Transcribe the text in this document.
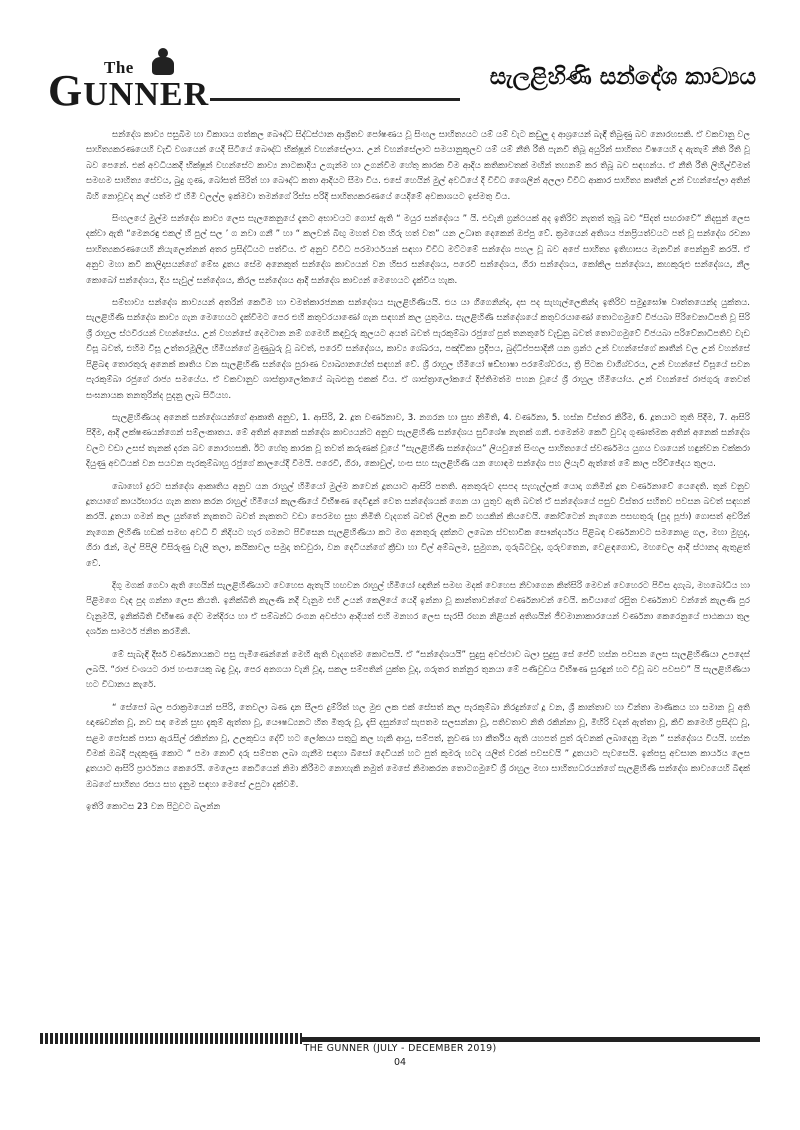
The
GUNNER	සැලළිහිණි සන්දේශ කාව්‍යය

සන්දේශ කාව්‍ය පසුබිම හා විකාශය ගත්කල බෞද්ධ සිද්ධස්ථාන ආශ්‍රිතව පෝෂණය වූ සිංහල සාහිත්‍යයට යම් යම් වැට කඩුලු ද ආශ්‍රයෙන් බැඳී තිබුණු බව නොරහසකි. ඒ වකවානු වල සාහිත්‍යකරණයෙහි වැඩි වශයෙන් යෙදී සිටියේ බෞද්ධ භික්ෂූන් වහන්සේලාය. උන් වහන්සේලාට සමයානුකූලව යම් යම් නීති රීති පැනවී තිබූ අයුරින් සාහිත්‍ය විෂයෙහි ද ඇතැම් නීති රීති වූ බව පෙනේ. එක් අවධියකදී භික්ෂූන් වහන්සේට කාව්‍ය නාටකාදිය උගැන්ම හා උගන්වීම හේතු කාරක වීම ආදිය කතිකාවතක් මඟින් තහනම් කර තිබූ බව සඳහන්ය. ඒ නීති රීති ලිහිල්වීමත් සමඟම සාහිත්‍ය සේවය, බුදු ගුණ, බෝසත් සිරිත් හා බෞද්ධ කතා ආදියට සීමා විය. එසේ හෙයින් මුල් අවධියේ දී විවිධ ශෛලීන් අලලා විවිධ ආකාර සාහිත්‍ය කෘතීන් උන් වහන්සේලා අතින් බිහි නොවූවද කල් යත්ම ඒ හිමි වලල්ල ඉක්මවා තමන්ගේ රිස්ස පරිදි සාහිත්‍යකරණයේ යෙදීමේ අවකාශයට ඉස්මතු විය.

සිංහලයේ මුල්ම සන්දේශ කාව්‍ය ලෙස සැලකෙනුයේ දැනට අභාවයට ගොස් ඇති “ මයුර සන්දේශය ” යි. එවැනි ග්‍රන්ථයක් අද ඉතිරිව නැතත් තුබූ බව “සිදත් සඟරාවේ” නිදසුන් ලෙස දක්වා ඇති “මෙනරඳු එකල් හි පුල් සල ’ ග නවා ගනී ” හා “ කලවන් බිඟු මහත් වත හිරු හත් වත” යන උධෘත දෙකෙන් ඔප්පු වේ. ක්‍රමයෙන් අතිශය ජනප්‍රියත්වයට පත් වූ සන්දේශ රචනා සාහිත්‍යකරණයෙහි නියැලෙන්නන් අතර ප්‍රසිද්ධියට පත්විය. ඒ අනුව විවිධ පරමාර්ථයන් සඳහා විවිධ මට්ටමේ සන්දේශ පහල වූ බව අපේ සාහිත්‍ය ඉතිහාසය මැනවින් පෙන්නුම් කරයි. ඒ අනුව මහා කවි කාලිදාසයන්ගේ මේඝ දූතය සේම අනෙකුත් සන්දේශ කාව්‍යයන් වන හිසර සන්දේශය, පරෙවි සන්දේශය, ගිරා සන්දේශය, කෝකිල සන්දේශය, කහකුරුළු සන්දේශය, නීල කොබෝ සන්දේශය, දිය සැවුල් සන්දේශය, කිරල සන්දේශය ආදී සන්දේශ කාව්‍යන් මෙහෙයට දැක්විය හැක.

සම්භාව්‍ය සන්දේශ කාව්‍යයන් අතරින් කෙටිම හා චමත්කාරජනක සන්දේශය සැලළිහිණියයි. එය යා ගීගෙනින්ද, දස පද සැහැල්ලෙකින්ද ඉතිරිව සමුදුඝෝෂ වෘත්තයෙන්ද යුක්තය. සැලළිහිණි සන්දේශ කාව්‍ය ගැන මෙහෙයට දැක්වීමට පෙර එහි කතුවරයාණෝ ගැන සඳහන් කල යුතුමය. සැලළිහිණි සන්දේශයේ කතුවරයාණෝ තොටගමුවේ විජයබා පිරිවෙනාධිපති වූ සිරි ශ්‍රී රාහුල ස්ථවිරයන් වහන්සේය. උන් වහන්සේ දෙමටාන නම් ගමෙහි කඳවුරු කුලයට අයත් බවත් පැරකුම්බා රජුගේ පුත් තනතුරේ වැඩුනු බවත් තොටගමුවේ විජයබා පරිවේනාධිපතිව වැඩ විසූ බවත්, එහිම වීසූ උත්තරමූලිල හිමියන්ගේ මුණුබුරු වූ බවත්, පරෙවි සන්දේශය, කාව්‍ය ශේඛරය, පඤ්චිකා ප්‍රදීපය, බුද්ධිප්පසාදිනී යන ග්‍රන්ථ උන් වහන්සේගේ කෘතීන් වල උන් වහන්සේ පිළිබඳ තොරතුරු අනෙක් කෘතිය වන සැලළිහිණි සන්දේශ පුරාණ ව්‍යාඛ්‍යානයේත් සඳහන් වේ. ශ්‍රී රාහුල හිමියෝ ෂඩ්භාෂා පරමේශ්වරය, ත්‍රි පිටක වාගීශ්වරය, උන් වහන්සේ විසූයේ සවන පැරකුම්බා රජුගේ රාජ්‍ය සමයේය. ඒ වකවානුව ශාස්ත්‍රාලෝකයේ බැබළුනු එකක් විය. ඒ ශාස්ත්‍රාලෝකයේ දීප්තිමත්ම පහන වූයේ ශ්‍රී රාහුල හිමියෝය. උන් වහන්සේ රාජගුරු තෙවත් සංඝනායක තනතුරින්ද පුදනු ලැබ සිටියහ.

සැලළිහිණියද අනෙක් සන්දේශයන්ගේ ආකෘති අනුව, 1. ආසිරි, 2. දූත වර්ණනාව, 3. නගරන හා සුභ නිමිති, 4. වර්ණනා, 5. හස්න විස්තර කිරීම, 6. දූතයාට තුති පිදීම, 7. ආසිරි පිදීම, ආදී ලක්ෂණයන්ගෙන් සම්ලංකෘතය. මේ අතින් අනෙක් සන්දේශ කාව්‍යයන්ට අනුව සැලළිහිණි සන්දේශය සුවිශේෂ නැතක් ගනී. එමෙන්ම කෙටි වුවද ගුණාත්මක අතින් අනෙක් සන්දේශ වලට වඩා උසස් තැනක් දරන බව නොරහසකි. ඊට හේතු කාරක වූ තවත් කරුණක් වූයේ “සැලළිහිණි සන්දේශය” ලියවුනේ සිංහල සාහිත්‍යයේ ස්වර්ණමය යුගය වශයෙන් හඳුන්වන චක්කරා දියුණු අවධියක් වන සයවන පැරකුම්බාහු රජුගේ කාලයේදී වීමයි. පරෙවි, ගිරා, කොවුල්, හංස සහ සැලළිහිණි යන හොඳම සන්දේශ පහ ලියැවී ඇත්තේ මේ කාල පරිච්ඡේදය තුලය.

බොහෝ දුරට සන්දේශ ආකෘතිය අනුව යන රාහුල් හිමියෝ මුල්ම කවෙන් දූතයාට ආසිරි පතති. අනතුරුව දසපද සැහැල්ලක් යොදා ගනිමින් දූත වර්ණනාවේ යෙදෙති. තුන් වනුව දූතයාගේ කාර්යභාරය ගැන කතා කරන රාහුල් හිමියෝ කැලණියේ විභීෂණ දෙවිඳුන් වෙත සන්දේශයක් ගෙන යා යුතුව ඇති බවත් ඒ සන්දේශයේ පසුව විස්තර සහිතව පවසන බවත් සඳහන් කරයි. දූතයා ගමන් කල යුත්තේ නැකතට බවත් නැකතට වඩා පෙරමඟ සුභ නිමිති වැදගත් බවත් ලිලක කවි හයකින් කියවෙයි. කෝට්ටෙන් නැගෙන පසඟතුරු (පුද පූජා) ගොසත් අවරින් නැගෙන ලිහිණි හඩක් සමඟ අවධි වී නිදියට හැර ගමනට පිවිසෙන සැලළිහිණියා කට මග අනතුරු දක්නට ලබෙන ස්වභාවික සෞන්දර්යය පිළිබඳ වර්ණනාවට සමනොළ ගල, මහා මුහුද, ගිරා රෑන්, මල් පිපිලි විසිරුණු වැලි තලා, කයිකාවල සමුදා තඩවුරා, වන දෙවියන්ගේ ක්‍රීඩා හා විල් අම්බලම, සුමුගන, ගුරුබිටවුද, ගුරුවතෙන, වෙළඳගොඩ, මහවෙල ආදී ස්ථානද ඇතුළත් වේ.

දිගු මගක් ගෙවා ඇති හෙයින් සැලළිහිණියාට වෙහෙස ඇතැයි හඟවන රාහුල් හිමියෝ ඥාතින් සමඟ මදක් වෙහෙස නිවාගෙන කිත්සිරි මෙවන් වෙහෙරට පිවිස දාගැබ, මහබෝධිය හා පිළිමගෙ වැඳ පුද ගන්නා ලෙස කියති. ඉනික්බිති කැලණි නදී වැනුම එහි උයන් කෙලියේ යෙදී ඉන්නා වූ කාන්තාවන්ගේ වර්ණනාවන් වෙයි. කවියාගේ රසිුත වර්ණනාව වන්නේ කැලණි පුර වැනුමයි, ඉනික්බිති විභීෂණ දේව මන්දිරය හා ඒ සම්බන්ධ රංගන අවස්ථා ආදියත් එහි මනහර ලෙස සැරසී රඟන නිළියන් අතිශයින් ජීවමානාකාරයෙන් වර්ණනා කෙරෙනුයේ පාඨකයා තුල දර්ශන සාමර්ථ ජනිත කරමිනි.

මේ සැබැඳි දීර්ඝ වර්ණනායකට පසු පැමිණෙන්නේ මෙහි ඇති වැදගත්ම කොටසයි. ඒ “සන්දේශයයි” සුදුසු අවස්ථාව බලා සුදුසු සේ පේවී හස්න පවසන ලෙස සැලළිහිණියා උපදෙස් ලබයි. “රාජ වංශයට රාජ හංසයෙකු බඳු වූද, පෙර අනගයා වැනි වූද, සකල සම්පතින් යුක්ත වූද, ගරුතර තන්නුර තුනයා මේ පණිවුඩය විභීෂණ සුරඳුන් හට චිවූ බව පවසව” යි සැලළිහිණියා හට විධානය කැරේ.

“ සේපෝ බල පරාක්‍රමයෙන් සපිරි, තෙවලා බණ දාන සීලළු දුම්රිත් හල මුළු ලක එක් සේසත් කල පැරකුම්බා නිරදුන්ගේ දූ වන, ශ්‍රී කාන්තාව හා චින්තා මාණිකය හා සමාන වූ අති ඥාණවන්ත වූ, නව සඳ මෙන් සුභ දැකුම් ඇත්තා වූ, යෞෂධ්‍යනට හිත මිතුරු වූ, දැසි දසුන්ගේ සැපතම සලසන්නා වූ, පතිවතාව නිති රකින්නා වූ, මිහිරි වදන් ඇත්තා වූ, කිවි කමෙහි ප්‍රසිද්ධ වූ, සළම පෝසක් පාසා ඇරැසිල් රකින්නා වූ, උලකුඩය දේවී හට ලෝකයා සතුටු කල හැකි ආයු, සම්පත්, නුවණ හා කීර්තිය ඇති යහපත් පුත් රුවනක් ලබාදෙනු මැන ” සන්දේශය වියයි. හස්න වීමක් ඔබදී පැදකුණු කොට “ පමා නොවී දරු සම්පත ලබා ගැනීම සඳහා බිසෝ දෙවියන් හට පුත් කුමරු හටද යලිත් වරක් පවසවයි ” දූතයාට පැවසෙයි. ඉන්පසු අවසාන කාර්යය ලෙස දූතයාට ආසිරි ප්‍රාර්ථනය කෙරෙයි. මෙලෙස කෙටියෙන් නිමා කිරීමට නොහැකි නමුත් මෙසේ නිමාකරන තොටගමුවේ ශ්‍රී රාහුල මහා සාහිත්‍යධරයන්ගේ සැලළිහිණි සන්දේශ කාව්‍යයෙහි බිඳක් ඔබගේ සාහිත්‍ය රසය සහ දැනුම සඳහා මෙසේ උපුටා දක්වමි.

ඉතිරි කොටස 23 වන පිටුවට බලන්න

THE GUNNER (JULY - DECEMBER 2019)
04
